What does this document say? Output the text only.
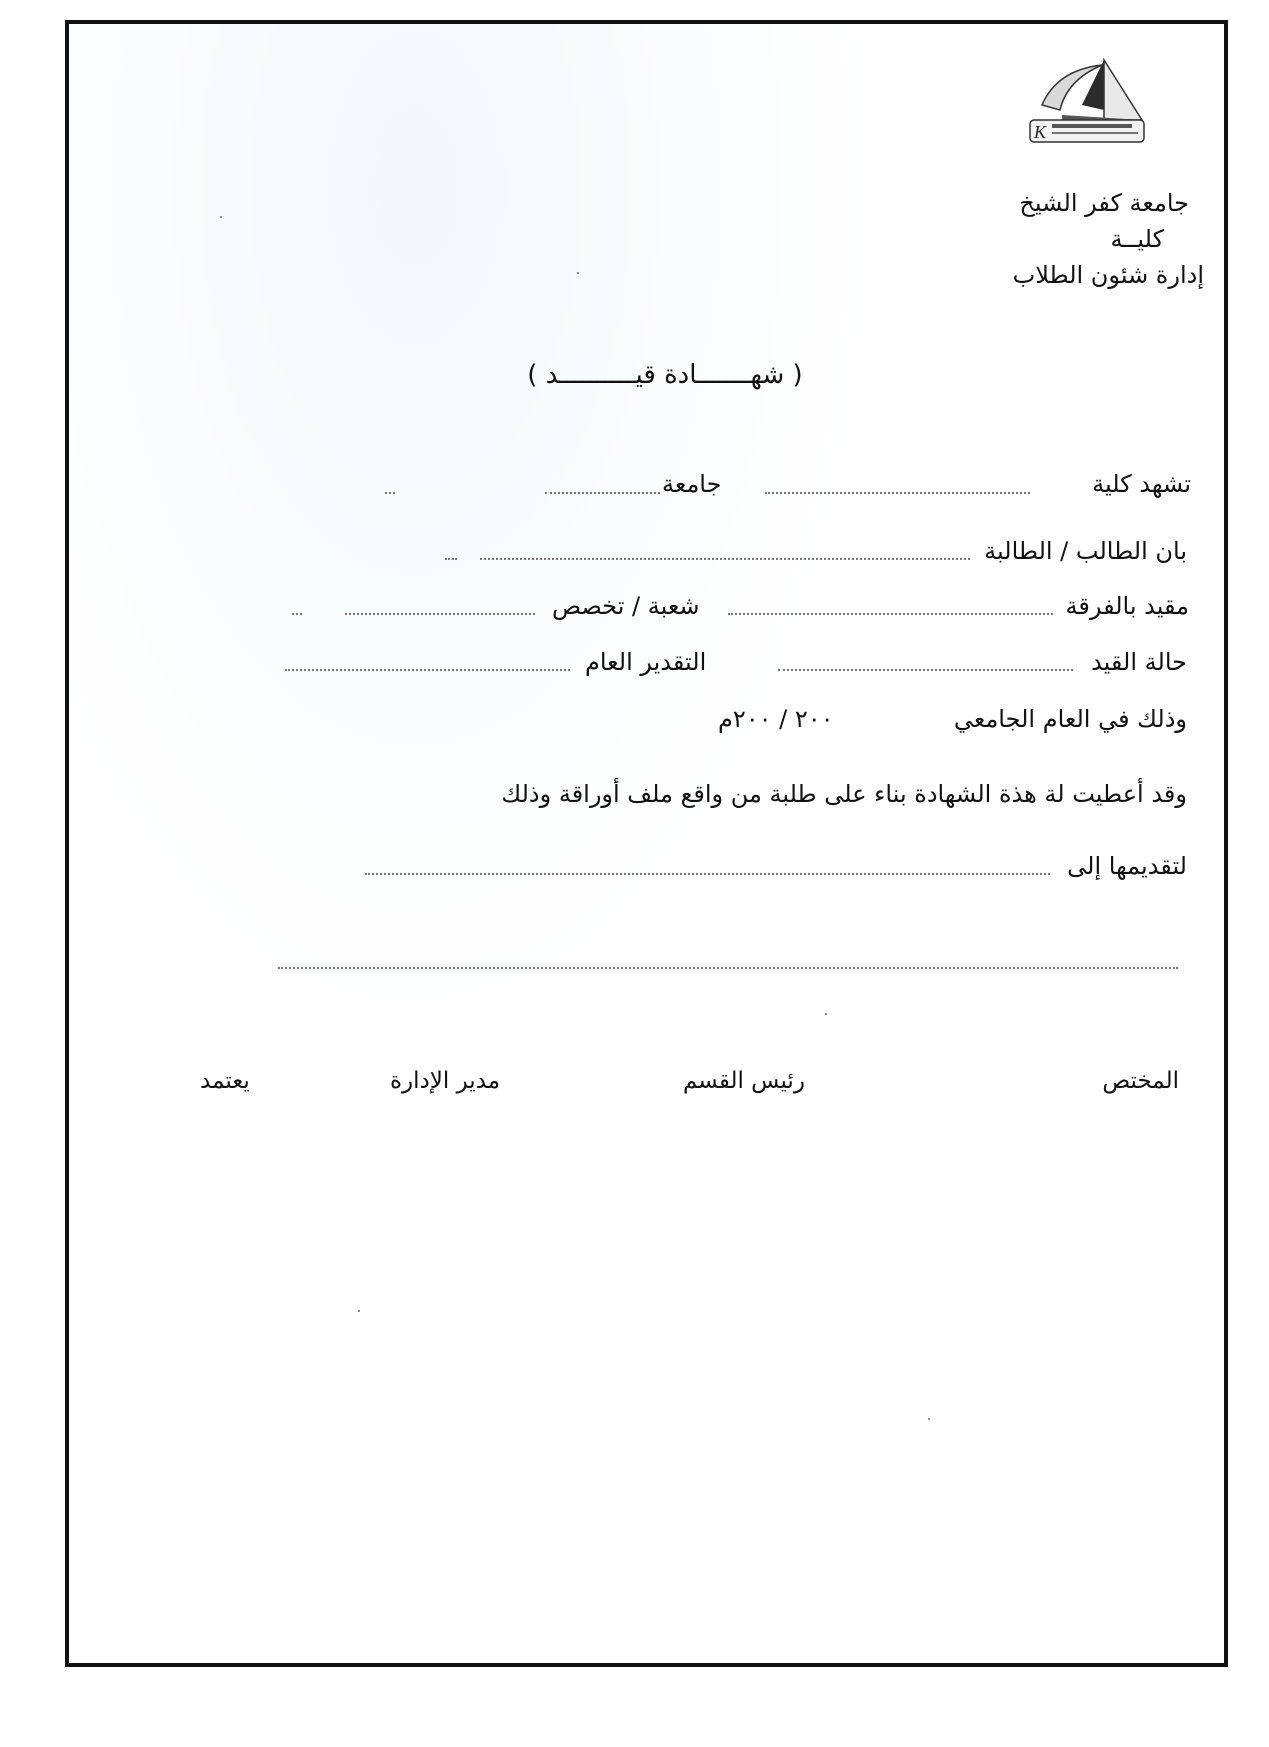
K
جامعة كفر الشيخ
كليــة
إدارة شئون الطلاب
( شهـــــــادة قيــــــــــد )
تشهد كلية
جامعة
بان الطالب / الطالبة
مقيد بالفرقة
شعبة / تخصص
حالة القيد
التقدير العام
وذلك في العام الجامعي
٢٠٠ / ٢٠٠م
وقد أعطيت لة هذة الشهادة بناء على طلبة من واقع ملف أوراقة وذلك
لتقديمها إلى
المختص
رئيس القسم
مدير الإدارة
يعتمد
